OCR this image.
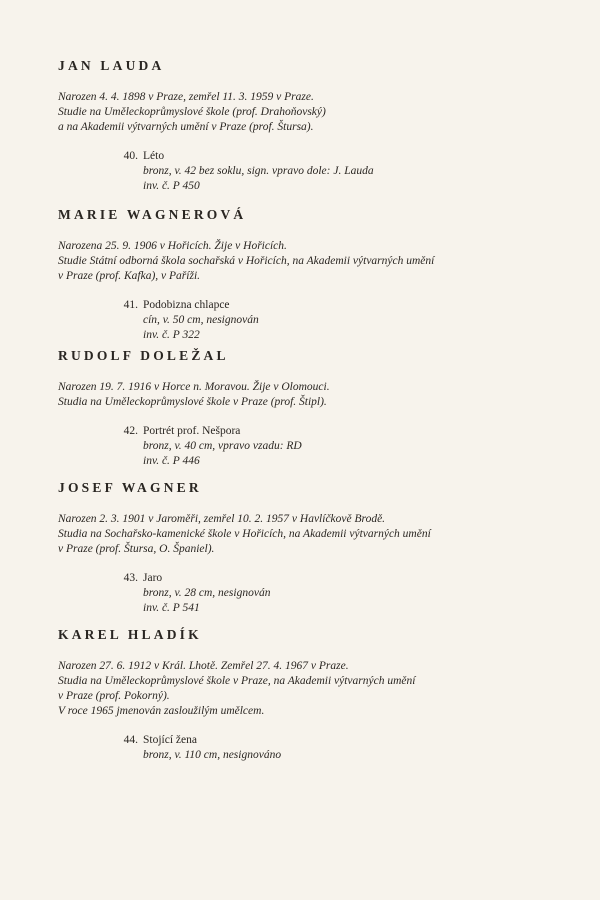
JAN LAUDA
Narozen 4. 4. 1898 v Praze, zemřel 11. 3. 1959 v Praze.
Studie na Uměleckoprůmyslové škole (prof. Drahoňovský)
a na Akademii výtvarných umění v Praze (prof. Štursa).
40. Léto
bronz, v. 42 bez soklu, sign. vpravo dole: J. Lauda
inv. č. P 450
MARIE WAGNEROVÁ
Narozena 25. 9. 1906 v Hořicích. Žije v Hořicích.
Studie Státní odborná škola sochařská v Hořicích, na Akademii výtvarných umění
v Praze (prof. Kafka), v Paříži.
41. Podobizna chlapce
cín, v. 50 cm, nesignován
inv. č. P 322
RUDOLF DOLEŽAL
Narozen 19. 7. 1916 v Horce n. Moravou. Žije v Olomouci.
Studia na Uměleckoprůmyslové škole v Praze (prof. Štipl).
42. Portrét prof. Nešpora
bronz, v. 40 cm, vpravo vzadu: RD
inv. č. P 446
JOSEF WAGNER
Narozen 2. 3. 1901 v Jaroměři, zemřel 10. 2. 1957 v Havlíčkově Brodě.
Studia na Sochařsko-kamenické škole v Hořicích, na Akademii výtvarných umění
v Praze (prof. Štursa, O. Španiel).
43. Jaro
bronz, v. 28 cm, nesignován
inv. č. P 541
KAREL HLADÍK
Narozen 27. 6. 1912 v Král. Lhotě. Zemřel 27. 4. 1967 v Praze.
Studia na Uměleckoprůmyslové škole v Praze, na Akademii výtvarných umění
v Praze (prof. Pokorný).
V roce 1965 jmenován zasloužilým umělcem.
44. Stojící žena
bronz, v. 110 cm, nesignováno
